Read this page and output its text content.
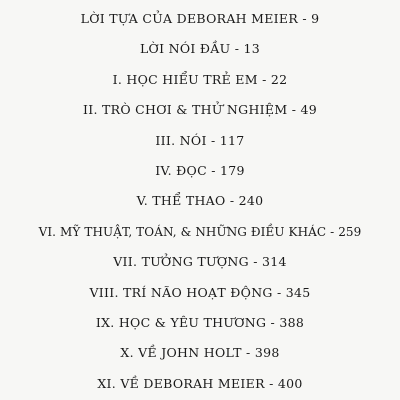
LỜI TỰA CỦA DEBORAH MEIER - 9
LỜI NÓI ĐẦU - 13
I. HỌC HIỂU TRẺ EM - 22
II. TRÒ CHƠI & THỬ NGHIỆM - 49
III. NÓI - 117
IV. ĐỌC - 179
V. THỂ THAO - 240
VI. MỸ THUẬT, TOÁN, & NHỮNG ĐIỀU KHÁC - 259
VII. TƯỞNG TƯỢNG - 314
VIII. TRÍ NÃO HOẠT ĐỘNG - 345
IX. HỌC & YÊU THƯƠNG - 388
X. VỀ JOHN HOLT - 398
XI. VỀ DEBORAH MEIER - 400
